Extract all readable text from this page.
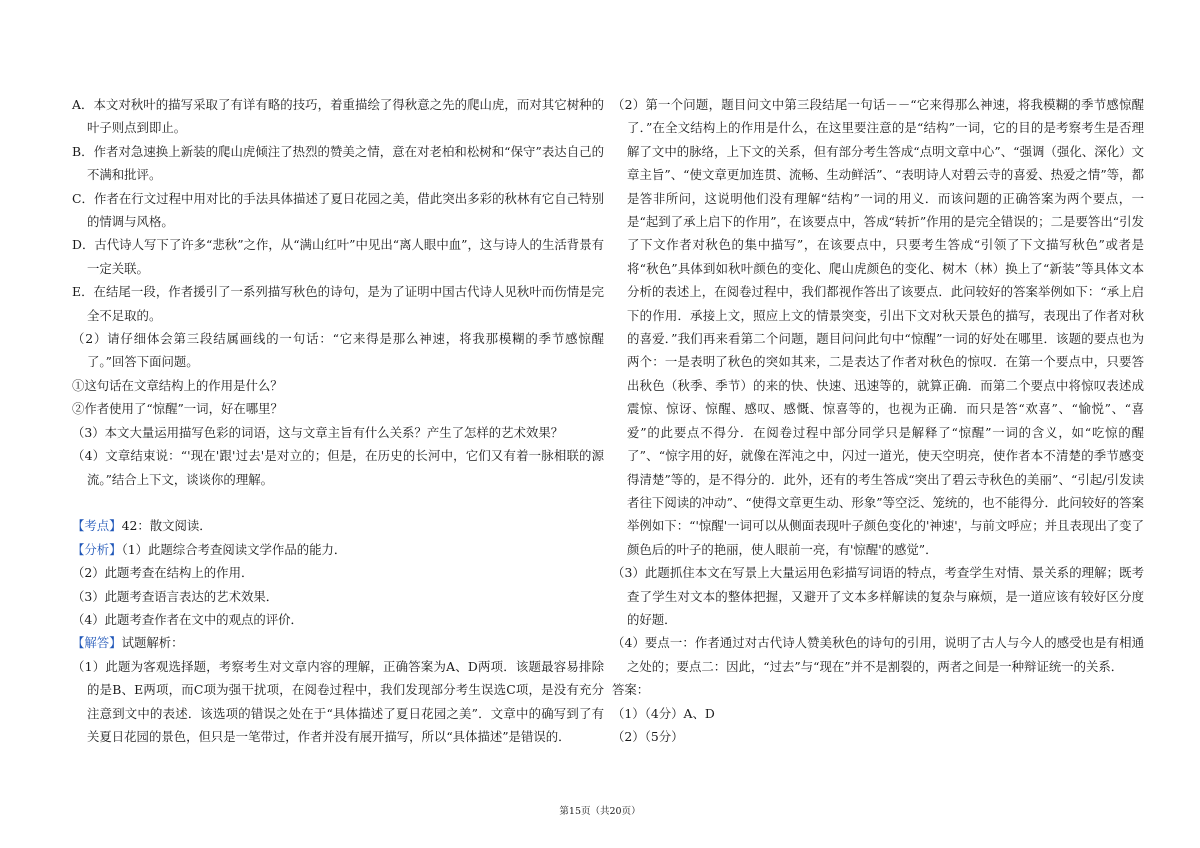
A．本文对秋叶的描写采取了有详有略的技巧，着重描绘了得秋意之先的爬山虎，而对其它树种的叶子则点到即止。

B．作者对急速换上新装的爬山虎倾注了热烈的赞美之情，意在对老柏和松树和“保守”表达自己的不满和批评。

C．作者在行文过程中用对比的手法具体描述了夏日花园之美，借此突出多彩的秋林有它自己特别的情调与风格。

D．古代诗人写下了许多“悲秋”之作，从“满山红叶”中见出“离人眼中血”，这与诗人的生活背景有一定关联。

E．在结尾一段，作者援引了一系列描写秋色的诗句，是为了证明中国古代诗人见秋叶而伤情是完全不足取的。

（2）请仔细体会第三段结属画线的一句话：“它来得是那么神速，将我那模糊的季节感惊醒了。”回答下面问题。

①这句话在文章结构上的作用是什么？

②作者使用了“惊醒”一词，好在哪里？

（3）本文大量运用描写色彩的词语，这与文章主旨有什么关系？产生了怎样的艺术效果？

（4）文章结束说：“'现在'跟'过去'是对立的；但是，在历史的长河中，它们又有着一脉相联的源流。”结合上下文，谈谈你的理解。

【考点】42：散文阅读．

【分析】（1）此题综合考查阅读文学作品的能力．

（2）此题考查在结构上的作用．

（3）此题考查语言表达的艺术效果．

（4）此题考查作者在文中的观点的评价．

【解答】试题解析：

（1）此题为客观选择题，考察考生对文章内容的理解，正确答案为A、D两项．该题最容易排除的是B、E两项，而C项为强干扰项，在阅卷过程中，我们发现部分考生误选C项，是没有充分注意到文中的表述．该选项的错误之处在于“具体描述了夏日花园之美”．文章中的确写到了有关夏日花园的景色，但只是一笔带过，作者并没有展开描写，所以“具体描述”是错误的．

（2）第一个问题，题目问文中第三段结尾一句话－－“它来得那么神速，将我模糊的季节感惊醒了．”在全文结构上的作用是什么，在这里要注意的是“结构”一词，它的目的是考察考生是否理解了文中的脉络，上下文的关系，但有部分考生答成“点明文章中心”、“强调（强化、深化）文章主旨”、“使文章更加连贯、流畅、生动鲜活”、“表明诗人对碧云寺的喜爱、热爱之情”等，都是答非所问，这说明他们没有理解“结构”一词的用义．而该问题的正确答案为两个要点，一是“起到了承上启下的作用”，在该要点中，答成“转折”作用的是完全错误的；二是要答出“引发了下文作者对秋色的集中描写”，在该要点中，只要考生答成“引领了下文描写秋色”或者是将“秋色”具体到如秋叶颜色的变化、爬山虎颜色的变化、树木（林）换上了“新装”等具体文本分析的表述上，在阅卷过程中，我们都视作答出了该要点．此问较好的答案举例如下：“承上启下的作用．承接上文，照应上文的情景突变，引出下文对秋天景色的描写，表现出了作者对秋的喜爱．”我们再来看第二个问题，题目问问此句中“惊醒”一词的好处在哪里．该题的要点也为两个：一是表明了秋色的突如其来，二是表达了作者对秋色的惊叹．在第一个要点中，只要答出秋色（秋季、季节）的来的快、快速、迅速等的，就算正确．而第二个要点中将惊叹表述成震惊、惊讶、惊醒、感叹、感慨、惊喜等的，也视为正确．而只是答“欢喜”、“愉悦”、“喜爱”的此要点不得分．在阅卷过程中部分同学只是解释了“惊醒”一词的含义，如“吃惊的醒了”、“惊字用的好，就像在浑沌之中，闪过一道光，使天空明亮，使作者本不清楚的季节感变得清楚”等的，是不得分的．此外，还有的考生答成“突出了碧云寺秋色的美丽”、“引起/引发读者往下阅读的冲动”、“使得文章更生动、形象”等空泛、笼统的，也不能得分．此问较好的答案举例如下：“'惊醒'一词可以从侧面表现叶子颜色变化的'神速'，与前文呼应；并且表现出了变了颜色后的叶子的艳丽，使人眼前一亮，有'惊醒'的感觉”．

（3）此题抓住本文在写景上大量运用色彩描写词语的特点，考查学生对情、景关系的理解；既考查了学生对文本的整体把握，又避开了文本多样解读的复杂与麻烦，是一道应该有较好区分度的好题．

（4）要点一：作者通过对古代诗人赞美秋色的诗句的引用，说明了古人与今人的感受也是有相通之处的；要点二：因此，“过去”与“现在”并不是割裂的，两者之间是一种辩证统一的关系．

答案：

（1）（4分）A、D

（2）（5分）

第15页（共20页）
